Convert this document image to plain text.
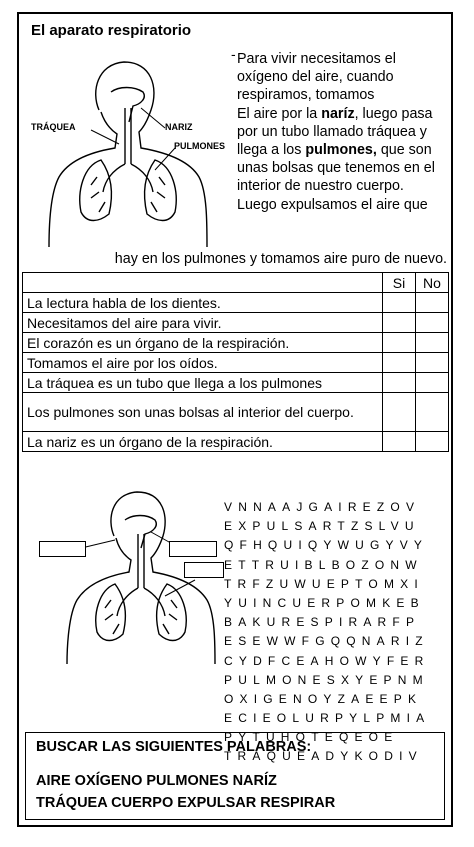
El aparato respiratorio
-
TRÁQUEA	NARIZ
PULMONES
Para vivir necesitamos el oxígeno del aire, cuando respiramos, tomamos
El aire por la naríz, luego pasa por un tubo llamado tráquea y llega a los pulmones, que son unas bolsas que tenemos en el interior de nuestro cuerpo.
Luego expulsamos el aire que
hay en los pulmones y tomamos aire puro de nuevo.
	Si	No
La lectura habla de los dientes.		
Necesitamos del aire para vivir.		
El corazón es un órgano de la respiración.		
Tomamos el aire por los oídos.		
La tráquea es un tubo que llega a los pulmones		
Los pulmones son unas bolsas al interior del cuerpo.		
La nariz es un órgano de la respiración.		
VNNAAJGAIREZOV
EXPULSARTZSLVU
QFHQUIQYWUGYVY
ETTRUIBLBOZONW
TRFZUWUEPTOMXI
YUINCUERPOMKEB
BAKURESPIRARFP
ESEWWFGQQNARIZ
CYDFCEAHOWYFER
PULMONESXYEPNM
OXIGENOYZAEEPK
ECIEOLURPYLPMIA
PYTUHOTEQEOE
TRAQUEADYKODIV
BUSCAR LAS SIGUIENTES PALABRAS:
AIRE OXÍGENO PULMONES NARÍZ
TRÁQUEA CUERPO EXPULSAR RESPIRAR
